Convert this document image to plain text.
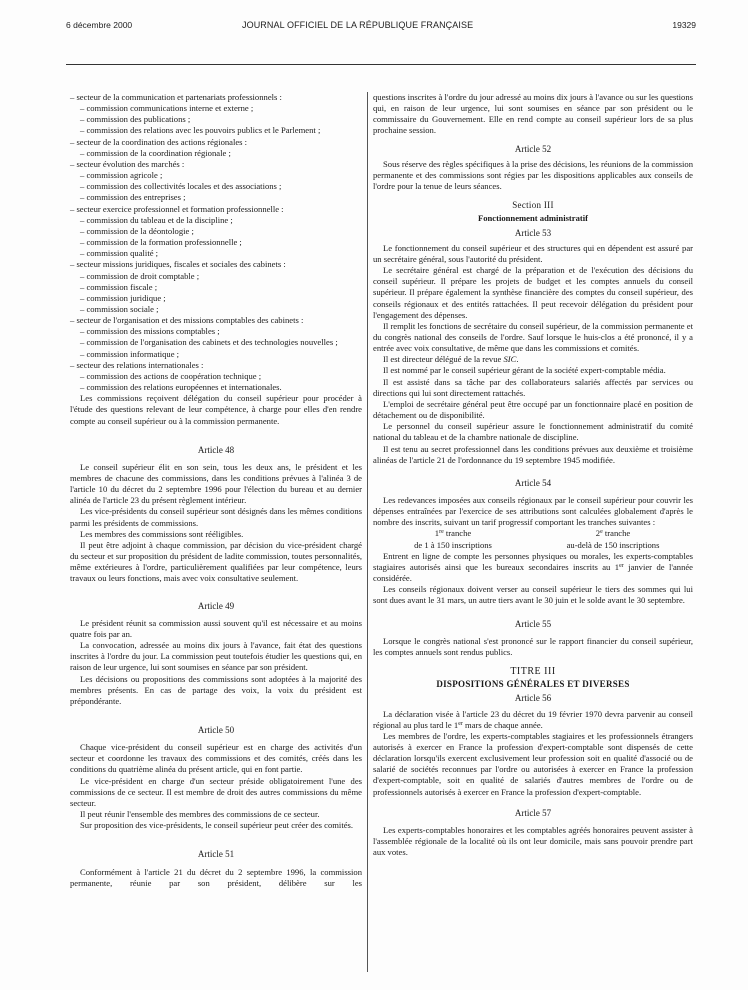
6 décembre 2000	JOURNAL OFFICIEL DE LA RÉPUBLIQUE FRANÇAISE	19329

– secteur de la communication et partenariats professionnels :

– commission communications interne et externe ;

– commission des publications ;

– commission des relations avec les pouvoirs publics et le Parlement ;

– secteur de la coordination des actions régionales :

– commission de la coordination régionale ;

– secteur évolution des marchés :

– commission agricole ;

– commission des collectivités locales et des associations ;

– commission des entreprises ;

– secteur exercice professionnel et formation professionnelle :

– commission du tableau et de la discipline ;

– commission de la déontologie ;

– commission de la formation professionnelle ;

– commission qualité ;

– secteur missions juridiques, fiscales et sociales des cabinets :

– commission de droit comptable ;

– commission fiscale ;

– commission juridique ;

– commission sociale ;

– secteur de l'organisation et des missions comptables des cabinets :

– commission des missions comptables ;

– commission de l'organisation des cabinets et des technologies nouvelles ;

– commission informatique ;

– secteur des relations internationales :

– commission des actions de coopération technique ;

– commission des relations européennes et internationales.

Les commissions reçoivent délégation du conseil supérieur pour procéder à l'étude des questions relevant de leur compétence, à charge pour elles d'en rendre compte au conseil supérieur ou à la commission permanente.

Article 48

Le conseil supérieur élit en son sein, tous les deux ans, le président et les membres de chacune des commissions, dans les conditions prévues à l'alinéa 3 de l'article 10 du décret du 2 septembre 1996 pour l'élection du bureau et au dernier alinéa de l'article 23 du présent règlement intérieur.

Les vice-présidents du conseil supérieur sont désignés dans les mêmes conditions parmi les présidents de commissions.

Les membres des commissions sont rééligibles.

Il peut être adjoint à chaque commission, par décision du vice-président chargé du secteur et sur proposition du président de ladite commission, toutes personnalités, même extérieures à l'ordre, particulièrement qualifiées par leur compétence, leurs travaux ou leurs fonctions, mais avec voix consultative seulement.

Article 49

Le président réunit sa commission aussi souvent qu'il est nécessaire et au moins quatre fois par an.

La convocation, adressée au moins dix jours à l'avance, fait état des questions inscrites à l'ordre du jour. La commission peut toutefois étudier les questions qui, en raison de leur urgence, lui sont soumises en séance par son président.

Les décisions ou propositions des commissions sont adoptées à la majorité des membres présents. En cas de partage des voix, la voix du président est prépondérante.

Article 50

Chaque vice-président du conseil supérieur est en charge des activités d'un secteur et coordonne les travaux des commissions et des comités, créés dans les conditions du quatrième alinéa du présent article, qui en font partie.

Le vice-président en charge d'un secteur préside obligatoirement l'une des commissions de ce secteur. Il est membre de droit des autres commissions du même secteur.

Il peut réunir l'ensemble des membres des commissions de ce secteur.

Sur proposition des vice-présidents, le conseil supérieur peut créer des comités.

Article 51

Conformément à l'article 21 du décret du 2 septembre 1996, la commission permanente, réunie par son président, délibère sur les

questions inscrites à l'ordre du jour adressé au moins dix jours à l'avance ou sur les questions qui, en raison de leur urgence, lui sont soumises en séance par son président ou le commissaire du Gouvernement. Elle en rend compte au conseil supérieur lors de sa plus prochaine session.

Article 52

Sous réserve des règles spécifiques à la prise des décisions, les réunions de la commission permanente et des commissions sont régies par les dispositions applicables aux conseils de l'ordre pour la tenue de leurs séances.

Section III

Fonctionnement administratif

Article 53

Le fonctionnement du conseil supérieur et des structures qui en dépendent est assuré par un secrétaire général, sous l'autorité du président.

Le secrétaire général est chargé de la préparation et de l'exécution des décisions du conseil supérieur. Il prépare les projets de budget et les comptes annuels du conseil supérieur. Il prépare également la synthèse financière des comptes du conseil supérieur, des conseils régionaux et des entités rattachées. Il peut recevoir délégation du président pour l'engagement des dépenses.

Il remplit les fonctions de secrétaire du conseil supérieur, de la commission permanente et du congrès national des conseils de l'ordre. Sauf lorsque le huis-clos a été prononcé, il y a entrée avec voix consultative, de même que dans les commissions et comités.

Il est directeur délégué de la revue SIC.

Il est nommé par le conseil supérieur gérant de la société expert-comptable média.

Il est assisté dans sa tâche par des collaborateurs salariés affectés par services ou directions qui lui sont directement rattachés.

L'emploi de secrétaire général peut être occupé par un fonctionnaire placé en position de détachement ou de disponibilité.

Le personnel du conseil supérieur assure le fonctionnement administratif du comité national du tableau et de la chambre nationale de discipline.

Il est tenu au secret professionnel dans les conditions prévues aux deuxième et troisième alinéas de l'article 21 de l'ordonnance du 19 septembre 1945 modifiée.

Article 54

Les redevances imposées aux conseils régionaux par le conseil supérieur pour couvrir les dépenses entraînées par l'exercice de ses attributions sont calculées globalement d'après le nombre des inscrits, suivant un tarif progressif comportant les tranches suivantes :

1re tranche
de 1 à 150 inscriptions
2e tranche
au-delà de 150 inscriptions

Entrent en ligne de compte les personnes physiques ou morales, les experts-comptables stagiaires autorisés ainsi que les bureaux secondaires inscrits au 1er janvier de l'année considérée.

Les conseils régionaux doivent verser au conseil supérieur le tiers des sommes qui lui sont dues avant le 31 mars, un autre tiers avant le 30 juin et le solde avant le 30 septembre.

Article 55

Lorsque le congrès national s'est prononcé sur le rapport financier du conseil supérieur, les comptes annuels sont rendus publics.

TITRE III

DISPOSITIONS GÉNÉRALES ET DIVERSES

Article 56

La déclaration visée à l'article 23 du décret du 19 février 1970 devra parvenir au conseil régional au plus tard le 1er mars de chaque année.

Les membres de l'ordre, les experts-comptables stagiaires et les professionnels étrangers autorisés à exercer en France la profession d'expert-comptable sont dispensés de cette déclaration lorsqu'ils exercent exclusivement leur profession soit en qualité d'associé ou de salarié de sociétés reconnues par l'ordre ou autorisées à exercer en France la profession d'expert-comptable, soit en qualité de salariés d'autres membres de l'ordre ou de professionnels autorisés à exercer en France la profession d'expert-comptable.

Article 57

Les experts-comptables honoraires et les comptables agréés honoraires peuvent assister à l'assemblée régionale de la localité où ils ont leur domicile, mais sans pouvoir prendre part aux votes.
